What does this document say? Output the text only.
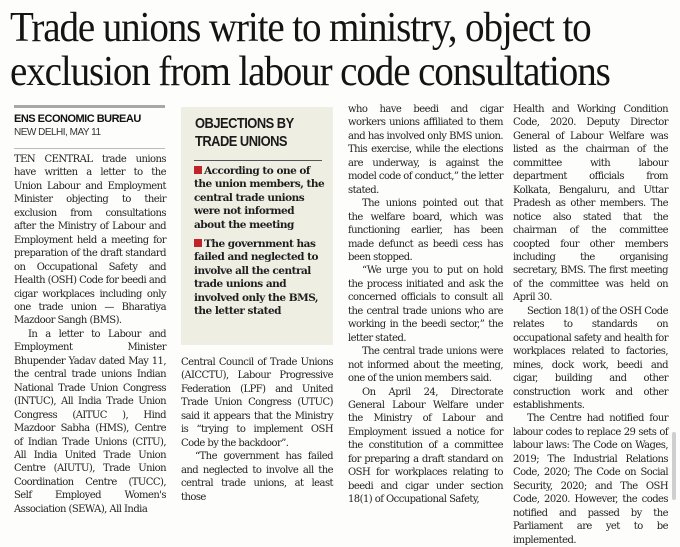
Trade unions write to ministry, object to
exclusion from labour code consultations
ENS ECONOMIC BUREAU
NEW DELHI, MAY 11

TEN CENTRAL trade unions have written a letter to the Union Labour and Employment Minister objecting to their exclusion from consultations after the Ministry of Labour and Employment held a meeting for preparation of the draft standard on Occupational Safety and Health (OSH) Code for beedi and cigar workplaces including only one trade union — Bharatiya Mazdoor Sangh (BMS).

In a letter to Labour and Employment Minister Bhupender Yadav dated May 11, the central trade unions Indian National Trade Union Congress (INTUC), All India Trade Union Congress (AITUC ), Hind Mazdoor Sabha (HMS), Centre of Indian Trade Unions (CITU), All India United Trade Union Centre (AIUTU), Trade Union Coordination Centre (TUCC), Self Employed Women's Association (SEWA), All India

OBJECTIONS BY
TRADE UNIONS
According to one of the union members, the central trade unions were not informed about the meeting
The government has failed and neglected to involve all the central trade unions and involved only the BMS, the letter stated

Central Council of Trade Unions (AICCTU), Labour Progressive Federation (LPF) and United Trade Union Congress (UTUC) said it appears that the Ministry is “trying to implement OSH Code by the backdoor”.

“The government has failed and neglected to involve all the central trade unions, at least those

who have beedi and cigar workers unions affiliated to them and has involved only BMS union. This exercise, while the elections are underway, is against the model code of conduct,” the letter stated.

The unions pointed out that the welfare board, which was functioning earlier, has been made defunct as beedi cess has been stopped.

“We urge you to put on hold the process initiated and ask the concerned officials to consult all the central trade unions who are working in the beedi sector,” the letter stated.

The central trade unions were not informed about the meeting, one of the union members said.

On April 24, Directorate General Labour Welfare under the Ministry of Labour and Employment issued a notice for the constitution of a committee for preparing a draft standard on OSH for workplaces relating to beedi and cigar under section 18(1) of Occupational Safety,

Health and Working Condition Code, 2020. Deputy Director General of Labour Welfare was listed as the chairman of the committee with labour department officials from Kolkata, Bengaluru, and Uttar Pradesh as other members. The notice also stated that the chairman of the committee coopted four other members including the organising secretary, BMS. The first meeting of the committee was held on April 30.

Section 18(1) of the OSH Code relates to standards on occupational safety and health for workplaces related to factories, mines, dock work, beedi and cigar, building and other construction work and other establishments.

The Centre had notified four labour codes to replace 29 sets of labour laws: The Code on Wages, 2019; The Industrial Relations Code, 2020; The Code on Social Security, 2020; and The OSH Code, 2020. However, the codes notified and passed by the Parliament are yet to be implemented.
